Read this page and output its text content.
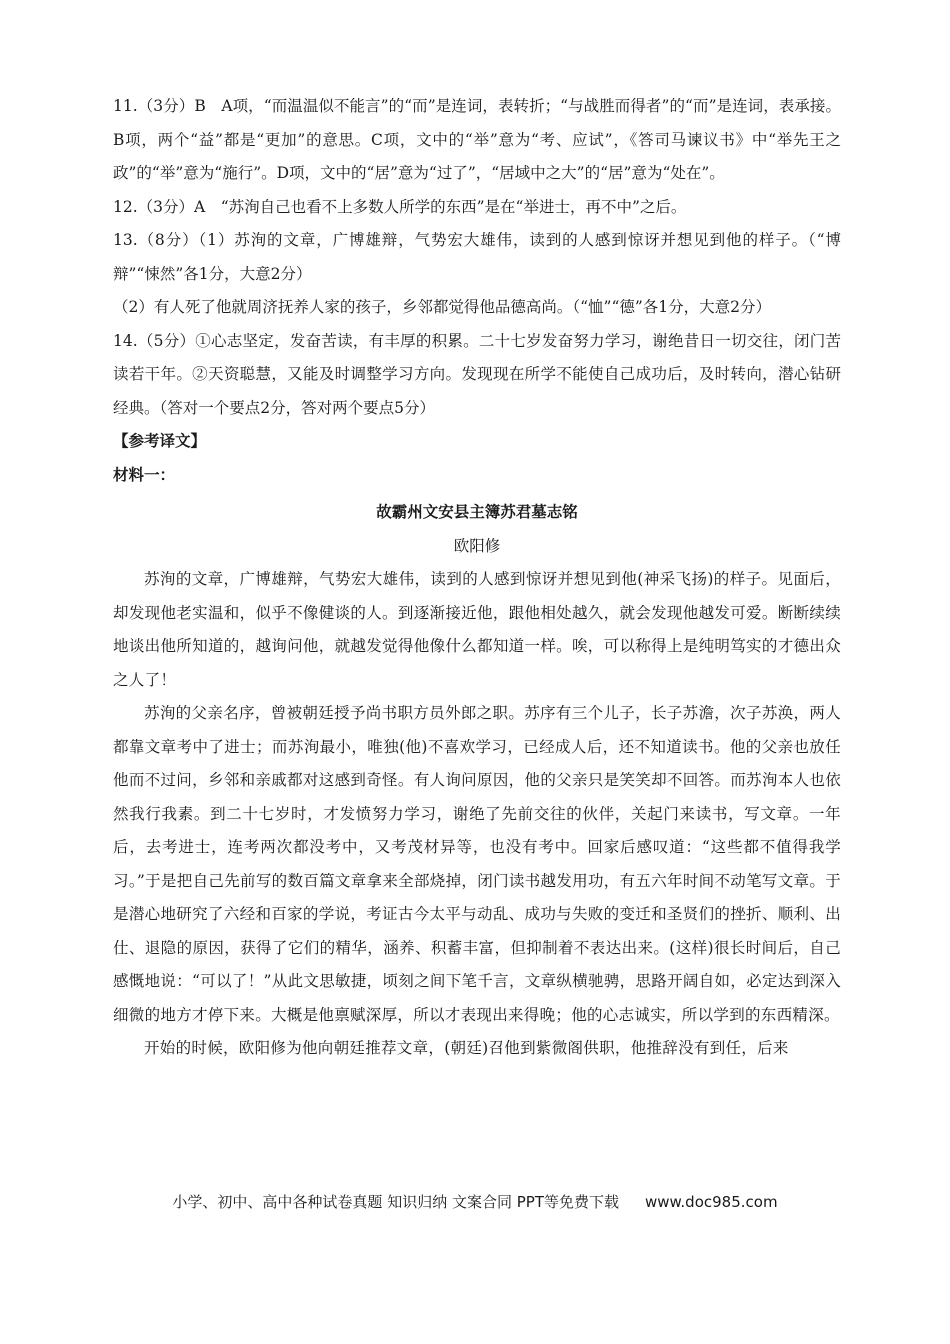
11.（3分）B　A项，“而温温似不能言”的“而”是连词，表转折；“与战胜而得者”的“而”是连词，表承接。B项，两个“益”都是“更加”的意思。C项，文中的“举”意为“考、应试”，《答司马谏议书》中“举先王之政”的“举”意为“施行”。D项，文中的“居”意为“过了”，“居域中之大”的“居”意为“处在”。

12.（3分）A　“苏洵自己也看不上多数人所学的东西”是在“举进士，再不中”之后。

13.（8分）（1）苏洵的文章，广博雄辩，气势宏大雄伟，读到的人感到惊讶并想见到他的样子。（“博辩”“悚然”各1分，大意2分）

（2）有人死了他就周济抚养人家的孩子，乡邻都觉得他品德高尚。（“恤”“德”各1分，大意2分）

14.（5分）①心志坚定，发奋苦读，有丰厚的积累。二十七岁发奋努力学习，谢绝昔日一切交往，闭门苦读若干年。②天资聪慧，又能及时调整学习方向。发现现在所学不能使自己成功后，及时转向，潜心钻研经典。（答对一个要点2分，答对两个要点5分）

【参考译文】

材料一：

故霸州文安县主簿苏君墓志铭

欧阳修

苏洵的文章，广博雄辩，气势宏大雄伟，读到的人感到惊讶并想见到他(神采飞扬)的样子。见面后，却发现他老实温和，似乎不像健谈的人。到逐渐接近他，跟他相处越久，就会发现他越发可爱。断断续续地谈出他所知道的，越询问他，就越发觉得他像什么都知道一样。唉，可以称得上是纯明笃实的才德出众之人了！

苏洵的父亲名序，曾被朝廷授予尚书职方员外郎之职。苏序有三个儿子，长子苏澹，次子苏涣，两人都靠文章考中了进士；而苏洵最小，唯独(他)不喜欢学习，已经成人后，还不知道读书。他的父亲也放任他而不过问，乡邻和亲戚都对这感到奇怪。有人询问原因，他的父亲只是笑笑却不回答。而苏洵本人也依然我行我素。到二十七岁时，才发愤努力学习，谢绝了先前交往的伙伴，关起门来读书，写文章。一年后，去考进士，连考两次都没考中，又考茂材异等，也没有考中。回家后感叹道：“这些都不值得我学习。”于是把自己先前写的数百篇文章拿来全部烧掉，闭门读书越发用功，有五六年时间不动笔写文章。于是潜心地研究了六经和百家的学说，考证古今太平与动乱、成功与失败的变迁和圣贤们的挫折、顺利、出仕、退隐的原因，获得了它们的精华，涵养、积蓄丰富，但抑制着不表达出来。(这样)很长时间后，自己感慨地说：“可以了！”从此文思敏捷，顷刻之间下笔千言，文章纵横驰骋，思路开阔自如，必定达到深入细微的地方才停下来。大概是他禀赋深厚，所以才表现出来得晚；他的心志诚实，所以学到的东西精深。

开始的时候，欧阳修为他向朝廷推荐文章，(朝廷)召他到紫微阁供职，他推辞没有到任，后来

小学、初中、高中各种试卷真题 知识归纳 文案合同 PPT等免费下载 www.doc985.com
